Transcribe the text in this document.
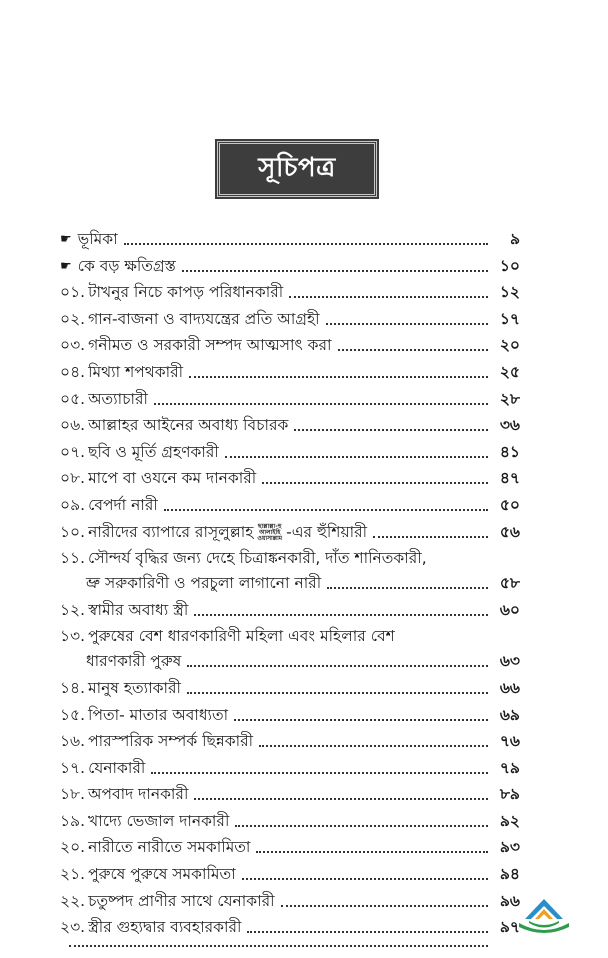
সূচিপত্র
☛ ভূমিকা	৯
☛ কে বড় ক্ষতিগ্রস্ত	১০
০১. টাখনুর নিচে কাপড় পরিধানকারী	১২
০২. গান-বাজনা ও বাদ্যযন্ত্রের প্রতি আগ্রহী	১৭
০৩. গনীমত ও সরকারী সম্পদ আত্মসাৎ করা	২০
০৪. মিথ্যা শপথকারী	২৫
০৫. অত্যাচারী	২৮
০৬. আল্লাহর আইনের অবাধ্য বিচারক	৩৬
০৭. ছবি ও মূর্তি গ্রহণকারী	৪১
০৮. মাপে বা ওযনে কম দানকারী	৪৭
০৯. বেপর্দা নারী	৫০
১০. নারীদের ব্যাপারে রাসূলুল্লাহ ছাল্লাল্লা-হু
আলাইহি
ওয়াসাল্লাম -এর হুঁশিয়ারী	৫৬
১১. সৌন্দর্য বৃদ্ধির জন্য দেহে চিত্রাঙ্কনকারী, দাঁত শানিতকারী,
ভ্রু সরুকারিণী ও পরচুলা লাগানো নারী	৫৮
১২. স্বামীর অবাধ্য স্ত্রী	৬০
১৩. পুরুষের বেশ ধারণকারিণী মহিলা এবং মহিলার বেশ
ধারণকারী পুরুষ	৬৩
১৪. মানুষ হত্যাকারী	৬৬
১৫. পিতা- মাতার অবাধ্যতা	৬৯
১৬. পারস্পরিক সম্পর্ক ছিন্নকারী	৭৬
১৭. যেনাকারী	৭৯
১৮. অপবাদ দানকারী	৮৯
১৯. খাদ্যে ভেজাল দানকারী	৯২
২০. নারীতে নারীতে সমকামিতা	৯৩
২১. পুরুষে পুরুষে সমকামিতা	৯৪
২২. চতুষ্পদ প্রাণীর সাথে যেনাকারী	৯৬
২৩. স্ত্রীর গুহ্যদ্বার ব্যবহারকারী	৯৭
